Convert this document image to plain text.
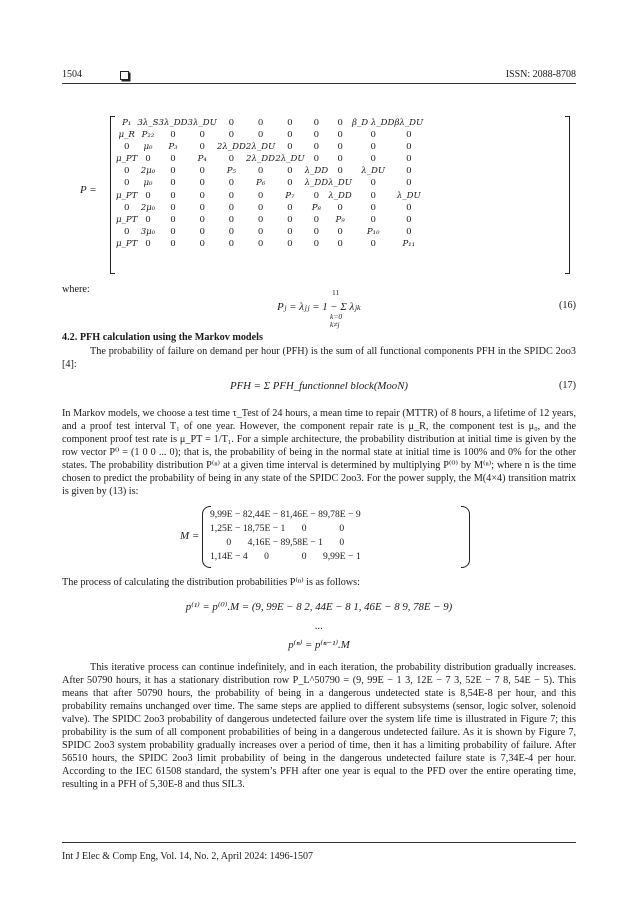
1504	ISSN: 2088-8708
P =
P₁	3λ_S	3λ_DD	3λ_DU	0	0	0	0	0	β_D λ_DD	βλ_DU
μ_R	P₂₂	0	0	0	0	0	0	0	0	0
0	μ₀	P₃	0	2λ_DD	2λ_DU	0	0	0	0	0
μ_PT	0	0	P₄	0	2λ_DD	2λ_DU	0	0	0	0
0	2μ₀	0	0	P₅	0	0	λ_DD	0	λ_DU	0
0	μ₀	0	0	0	P₆	0	λ_DD	λ_DU	0	0
μ_PT	0	0	0	0	0	P₇	0	λ_DD	0	λ_DU
0	2μ₀	0	0	0	0	0	P₈	0	0	0
μ_PT	0	0	0	0	0	0	0	P₉	0	0
0	3μ₀	0	0	0	0	0	0	0	P₁₀	0
μ_PT	0	0	0	0	0	0	0	0	0	P₁₁
where:
Pⱼ = λⱼⱼ = 1 − Σ λⱼₖ
11
k=0
k≠j
(16)
4.2. PFH calculation using the Markov models
The probability of failure on demand per hour (PFH) is the sum of all functional components PFH in the SPIDC 2oo3 [4]:
PFH = Σ PFH_functionnel block(MooN)	(17)
In Markov models, we choose a test time τ_Test of 24 hours, a mean time to repair (MTTR) of 8 hours, a lifetime of 12 years, and a proof test interval T₁ of one year. However, the component repair rate is μ_R, the component test is μ₀, and the component proof test rate is μ_PT = 1/T₁. For a simple architecture, the probability distribution at initial time is given by the row vector P⁰ = (1 0 0 ... 0); that is, the probability of being in the normal state at initial time is 100% and 0% for the other states. The probability distribution P⁽ⁿ⁾ at a given time interval is determined by multiplying P⁽⁰⁾ by M⁽ⁿ⁾; where n is the time chosen to predict the probability of being in any state of the SPIDC 2oo3. For the power supply, the M(4×4) transition matrix is given by (13) is:
M =
9,99E − 8	2,44E − 8	1,46E − 8	9,78E − 9
1,25E − 1	8,75E − 1	0	0
0	4,16E − 8	9,58E − 1	0
1,14E − 4	0	0	9,99E − 1
The process of calculating the distribution probabilities P⁽ⁿ⁾ is as follows:
p⁽¹⁾ = p⁽⁰⁾.M = (9, 99E − 8 2, 44E − 8 1, 46E − 8 9, 78E − 9)
...
p⁽ⁿ⁾ = p⁽ⁿ⁻¹⁾.M
This iterative process can continue indefinitely, and in each iteration, the probability distribution gradually increases. After 50790 hours, it has a stationary distribution row P_L^50790 = (9, 99E − 1 3, 12E − 7 3, 52E − 7 8, 54E − 5). This means that after 50790 hours, the probability of being in a dangerous undetected state is 8,54E-8 per hour, and this probability remains unchanged over time. The same steps are applied to different subsystems (sensor, logic solver, solenoid valve). The SPIDC 2oo3 probability of dangerous undetected failure over the system life time is illustrated in Figure 7; this probability is the sum of all component probabilities of being in a dangerous undetected failure. As it is shown by Figure 7, SPIDC 2oo3 system probability gradually increases over a period of time, then it has a limiting probability of failure. After 56510 hours, the SPIDC 2oo3 limit probability of being in the dangerous undetected failure state is 7,34E-4 per hour. According to the IEC 61508 standard, the system’s PFH after one year is equal to the PFD over the entire operating time, resulting in a PFH of 5,30E-8 and thus SIL3.
Int J Elec & Comp Eng, Vol. 14, No. 2, April 2024: 1496-1507
